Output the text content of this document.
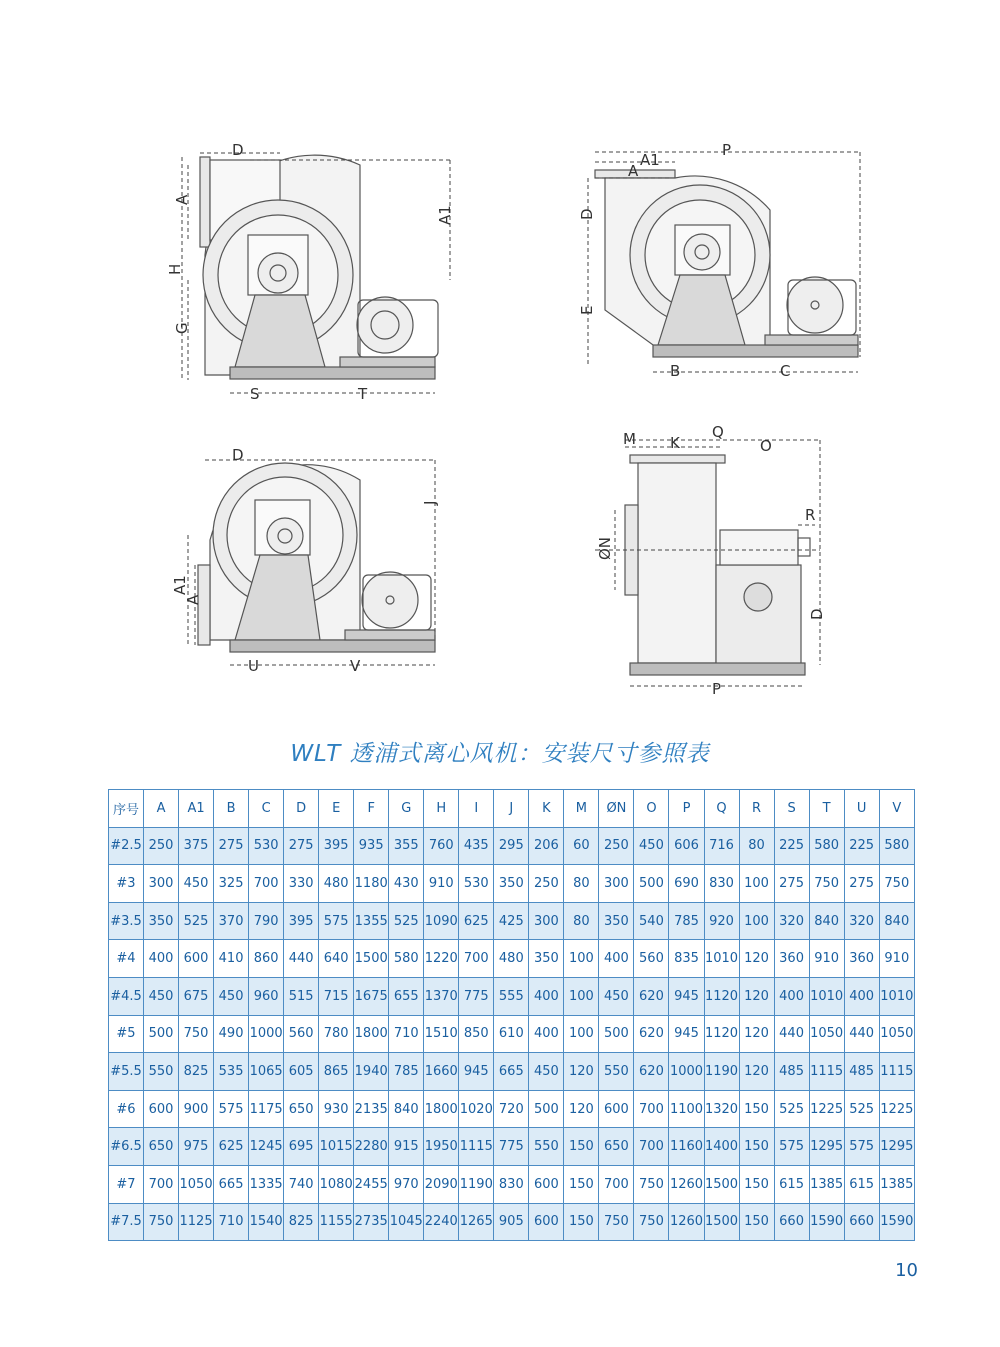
D
A
A1
H
G
S	T
P
A1
A
D
E
B	C
D
J
A1
A
U	V
M K
Q
O
R
ØN
D
P
WLT 透浦式离心风机：安装尺寸参照表
序号	A	A1	B	C	D	E	F	G	H	I	J	K	M	ØN	O	P	Q	R	S	T	U	V
#2.5	250	375	275	530	275	395	935	355	760	435	295	206	60	250	450	606	716	80	225	580	225	580
#3	300	450	325	700	330	480	1180	430	910	530	350	250	80	300	500	690	830	100	275	750	275	750
#3.5	350	525	370	790	395	575	1355	525	1090	625	425	300	80	350	540	785	920	100	320	840	320	840
#4	400	600	410	860	440	640	1500	580	1220	700	480	350	100	400	560	835	1010	120	360	910	360	910
#4.5	450	675	450	960	515	715	1675	655	1370	775	555	400	100	450	620	945	1120	120	400	1010	400	1010
#5	500	750	490	1000	560	780	1800	710	1510	850	610	400	100	500	620	945	1120	120	440	1050	440	1050
#5.5	550	825	535	1065	605	865	1940	785	1660	945	665	450	120	550	620	1000	1190	120	485	1115	485	1115
#6	600	900	575	1175	650	930	2135	840	1800	1020	720	500	120	600	700	1100	1320	150	525	1225	525	1225
#6.5	650	975	625	1245	695	1015	2280	915	1950	1115	775	550	150	650	700	1160	1400	150	575	1295	575	1295
#7	700	1050	665	1335	740	1080	2455	970	2090	1190	830	600	150	700	750	1260	1500	150	615	1385	615	1385
#7.5	750	1125	710	1540	825	1155	2735	1045	2240	1265	905	600	150	750	750	1260	1500	150	660	1590	660	1590
10
